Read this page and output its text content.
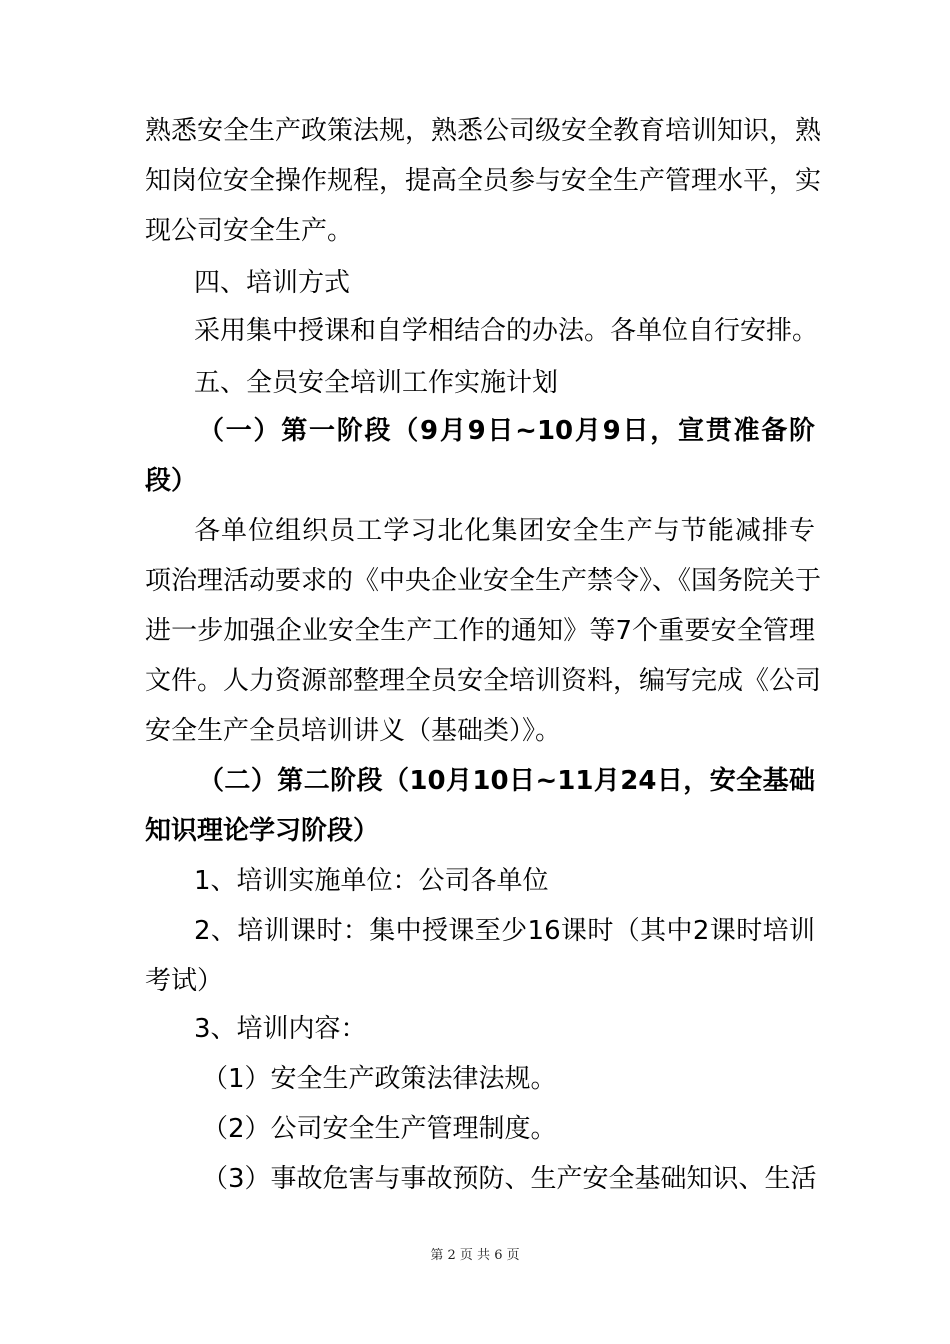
熟悉安全生产政策法规，熟悉公司级安全教育培训知识，熟
知岗位安全操作规程，提高全员参与安全生产管理水平，实
现公司安全生产。
四、培训方式
采用集中授课和自学相结合的办法。各单位自行安排。
五、全员安全培训工作实施计划
（一）第一阶段（9月9日~10月9日，宣贯准备阶
段）
各单位组织员工学习北化集团安全生产与节能减排专
项治理活动要求的《中央企业安全生产禁令》、《国务院关于
进一步加强企业安全生产工作的通知》等7个重要安全管理
文件。人力资源部整理全员安全培训资料，编写完成《公司
安全生产全员培训讲义（基础类）》。
（二）第二阶段（10月10日~11月24日，安全基础
知识理论学习阶段）
1、培训实施单位：公司各单位
2、培训课时：集中授课至少16课时（其中2课时培训
考试）
3、培训内容：
（1）安全生产政策法律法规。
（2）公司安全生产管理制度。
（3）事故危害与事故预防、生产安全基础知识、生活
第 2 页 共 6 页
